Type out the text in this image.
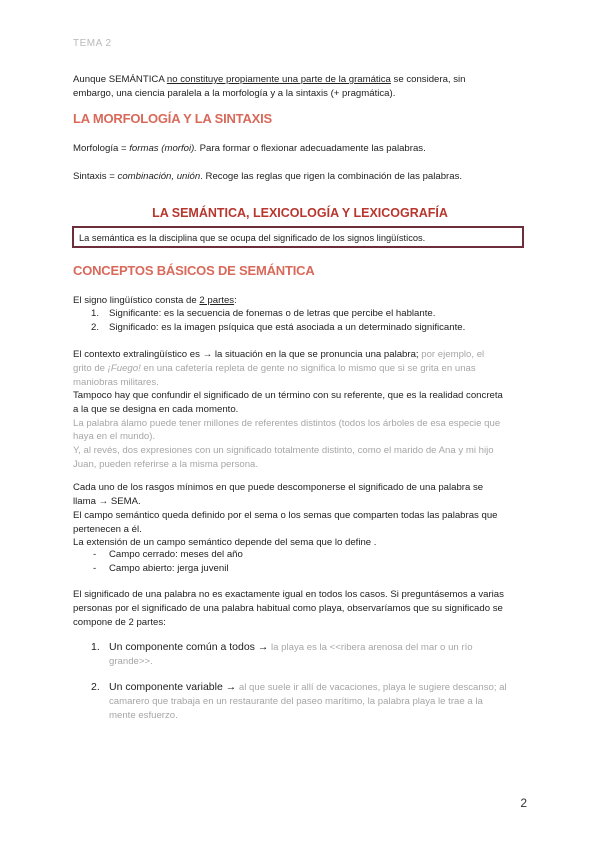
TEMA 2
Aunque SEMÁNTICA no constituye propiamente una parte de la gramática se considera, sin
embargo, una ciencia paralela a la morfología y a la sintaxis (+ pragmática).
LA MORFOLOGÍA Y LA SINTAXIS
Morfología = formas (morfoi). Para formar o flexionar adecuadamente las palabras.
Sintaxis = combinación, unión. Recoge las reglas que rigen la combinación de las palabras.
LA SEMÁNTICA, LEXICOLOGÍA Y LEXICOGRAFÍA
La semántica es la disciplina que se ocupa del significado de los signos lingüísticos.
CONCEPTOS BÁSICOS DE SEMÁNTICA
El signo lingüístico consta de 2 partes:
1. Significante: es la secuencia de fonemas o de letras que percibe el hablante.
2. Significado: es la imagen psíquica que está asociada a un determinado significante.
El contexto extralingüístico es → la situación en la que se pronuncia una palabra; por ejemplo, el
grito de ¡Fuego! en una cafetería repleta de gente no significa lo mismo que si se grita en unas
maniobras militares.
Tampoco hay que confundir el significado de un término con su referente, que es la realidad concreta
a la que se designa en cada momento.
La palabra álamo puede tener millones de referentes distintos (todos los árboles de esa especie que
haya en el mundo).
Y, al revés, dos expresiones con un significado totalmente distinto, como el marido de Ana y mi hijo
Juan, pueden referirse a la misma persona.
Cada uno de los rasgos mínimos en que puede descomponerse el significado de una palabra se
llama → SEMA.
El campo semántico queda definido por el sema o los semas que comparten todas las palabras que
pertenecen a él.
La extensión de un campo semántico depende del sema que lo define .
- Campo cerrado: meses del año
- Campo abierto: jerga juvenil
El significado de una palabra no es exactamente igual en todos los casos. Si preguntásemos a varias
personas por el significado de una palabra habitual como playa, observaríamos que su significado se
compone de 2 partes:
1. Un componente común a todos → la playa es la <<ribera arenosa del mar o un río
grande>>.
2. Un componente variable → al que suele ir allí de vacaciones, playa le sugiere descanso; al
camarero que trabaja en un restaurante del paseo marítimo, la palabra playa le trae a la
mente esfuerzo.
2
